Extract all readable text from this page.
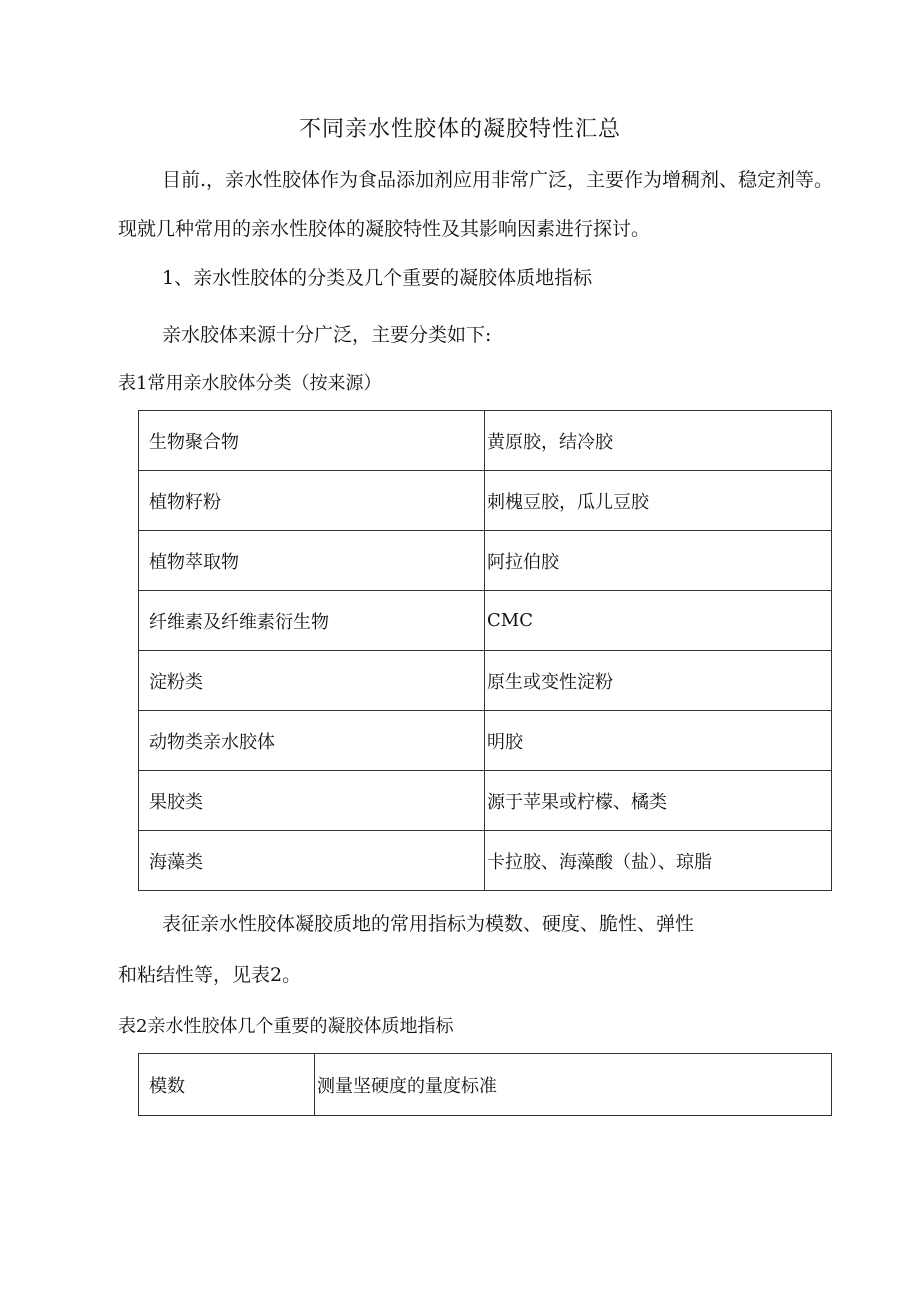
不同亲水性胶体的凝胶特性汇总
目前.，亲水性胶体作为食品添加剂应用非常广泛，主要作为增稠剂、稳定剂等。
现就几种常用的亲水性胶体的凝胶特性及其影响因素进行探讨。
1、亲水性胶体的分类及几个重要的凝胶体质地指标
亲水胶体来源十分广泛，主要分类如下:
表1常用亲水胶体分类（按来源）
生物聚合物	黄原胶，结冷胶
植物籽粉	刺槐豆胶，瓜儿豆胶
植物萃取物	阿拉伯胶
纤维素及纤维素衍生物	CMC
淀粉类	原生或变性淀粉
动物类亲水胶体	明胶
果胶类	源于苹果或柠檬、橘类
海藻类	卡拉胶、海藻酸（盐）、琼脂
表征亲水性胶体凝胶质地的常用指标为模数、硬度、脆性、弹性
和粘结性等，见表2。
表2亲水性胶体几个重要的凝胶体质地指标
模数	测量坚硬度的量度标准
